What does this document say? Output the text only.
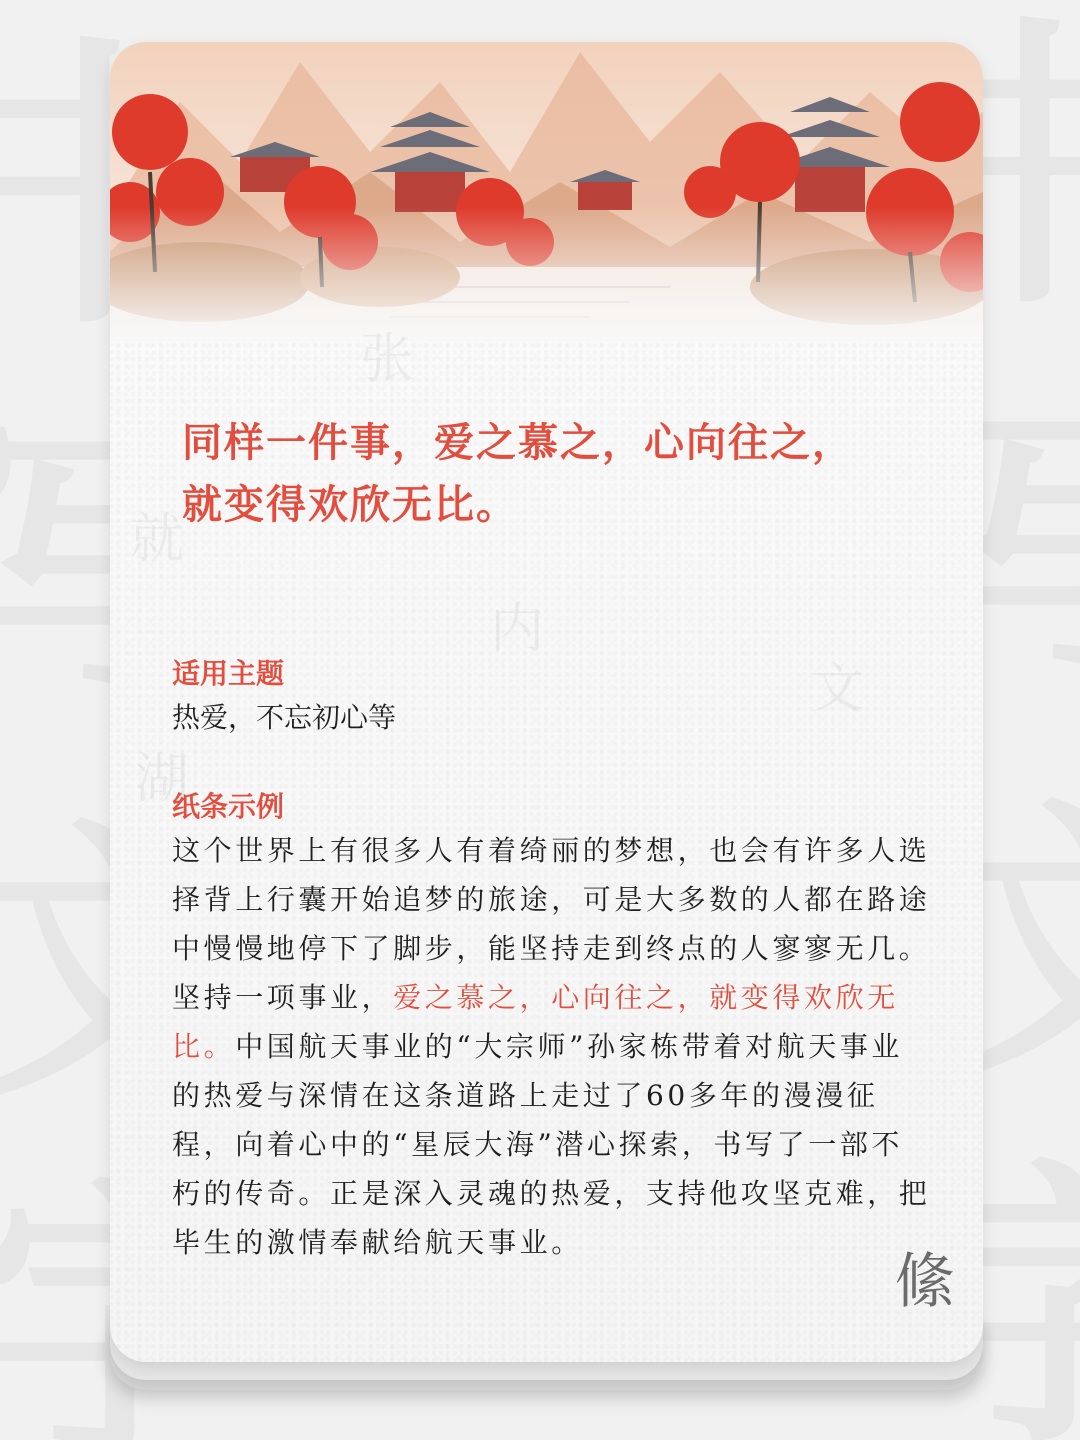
张
就
内
文
湖
同样一件事，爱之慕之，心向往之，
就变得欢欣无比。
适用主题
热爱，不忘初心等
纸条示例
这个世界上有很多人有着绮丽的梦想，也会有许多人选择背上行囊开始追梦的旅途，可是大多数的人都在路途中慢慢地停下了脚步，能坚持走到终点的人寥寥无几。坚持一项事业，爱之慕之，心向往之，就变得欢欣无比。中国航天事业的“大宗师”孙家栋带着对航天事业的热爱与深情在这条道路上走过了60多年的漫漫征程，向着心中的“星辰大海”潜心探索，书写了一部不朽的传奇。正是深入灵魂的热爱，支持他攻坚克难，把毕生的激情奉献给航天事业。
絛
